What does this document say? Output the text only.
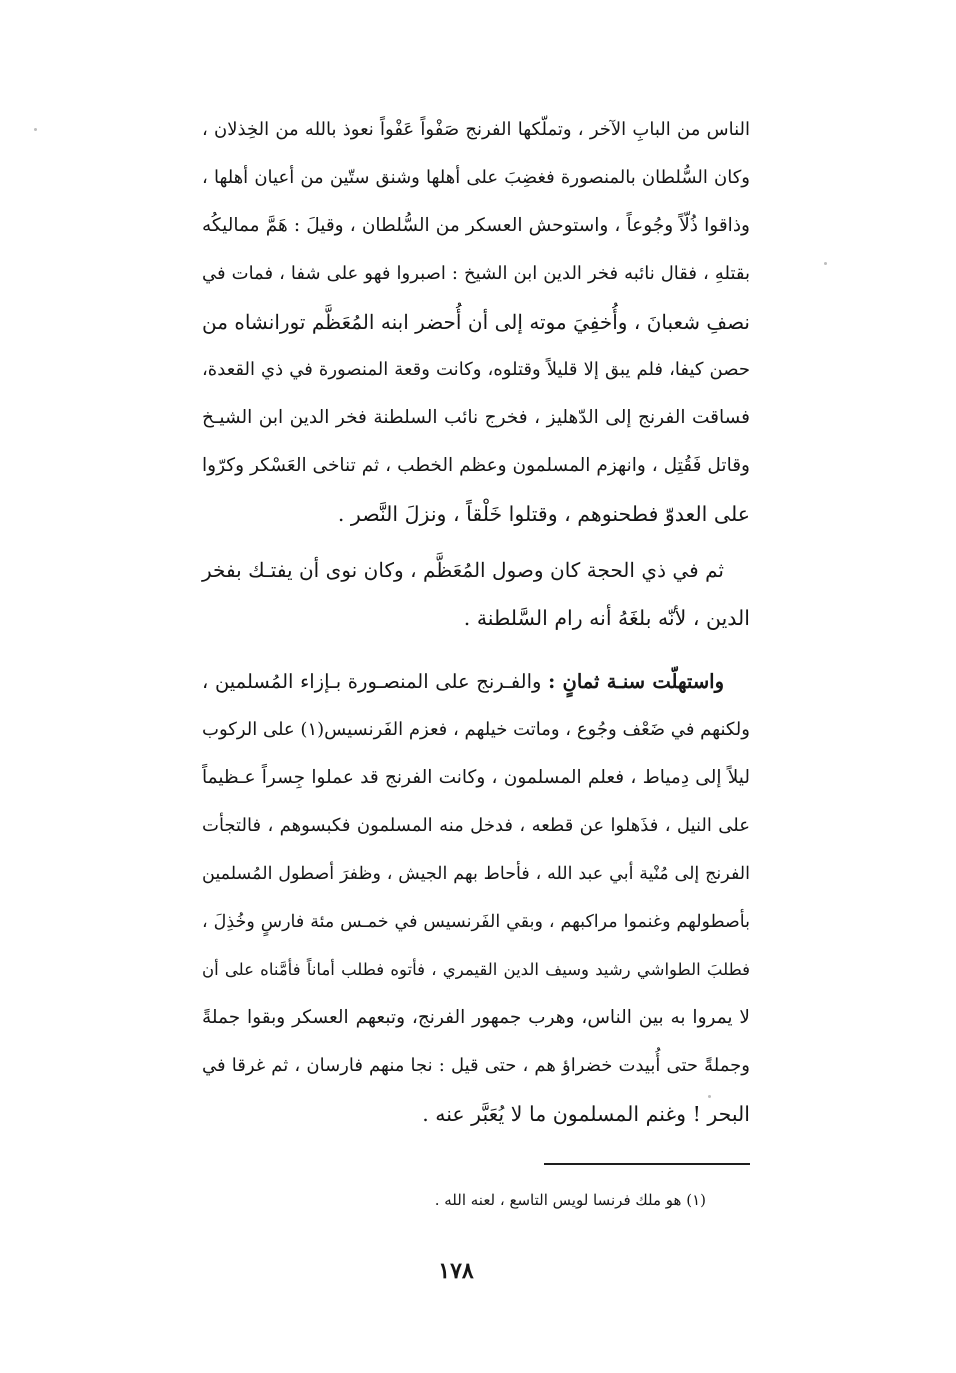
الناس من البابِ الآخر ، وتملّكها الفرنج صَفْواً عَفْواً نعوذ بالله من الخِذلان ،
وكان السُّلطان بالمنصورة فغضِبَ على أهلها وشنق ستّين من أعيان أهلها ،
وذاقوا ذُلّاً وجُوعاً ، واستوحش العسكر من السُّلطان ، وقيلَ : هَمَّ مماليكُه
بقتلهِ ، فقال نائبه فخر الدين ابن الشيخ : اصبروا فهو على شفا ، فمات في
نصفِ شعبانَ ، وأُخفِيَ موته إلى أن أُحضر ابنه المُعَظَّم تورانشاه من
حصن كيفا، فلم يبق إلا قليلاً وقتلوه، وكانت وقعة المنصورة في ذي القعدة،
فساقت الفرنج إلى الدّهليز ، فخرج نائب السلطنة فخر الدين ابن الشيـخ
وقاتل فَقُتِل ، وانهزم المسلمون وعظم الخطب ، ثم تناخى العَسْكر وكرّوا
على العدوّ فطحنوهم ، وقتلوا خَلْقاً ، ونزلَ النَّصر .
ثم في ذي الحجة كان وصول المُعَظَّم ، وكان نوى أن يفتـك بفخر
الدين ، لأنّه بلغَهُ أنه رام السَّلطنة .
واستهلّت سنـة ثمانٍ : والفـرنج على المنصـورة بـإزاء المُسلمين ،
ولكنهم في ضَعْف وجُوع ، وماتت خيلهم ، فعزم الفَرنسيس(١) على الركوب
ليلاً إلى دِمياط ، فعلم المسلمون ، وكانت الفرنج قد عملوا جِسراً عـظيماً
على النيل ، فذَهلوا عن قطعه ، فدخل منه المسلمون فكبسوهم ، فالتجأت
الفرنج إلى مُنْية أبي عبد الله ، فأحاط بهم الجيش ، وظفرَ أصطول المُسلمين
بأصطولهم وغنموا مراكبهم ، وبقي الفَرنسيس في خمـس مئة فارسٍ وخُذِلَ ،
فطلبَ الطواشي رشيد وسيف الدين القيمري ، فأتوه فطلب أماناً فأمَّناه على أن
لا يمروا به بين الناس، وهرب جمهور الفرنج، وتبعهم العسكر وبقوا جملةً
وجملةً حتى أُبيدت خضراؤ هم ، حتى قيل : نجا منهم فارسان ، ثم غرقا في
البحر ! وغنم المسلمون ما لا يُعَبَّر عنه .
(١) هو ملك فرنسا لويس التاسع ، لعنه الله .
١٧٨
